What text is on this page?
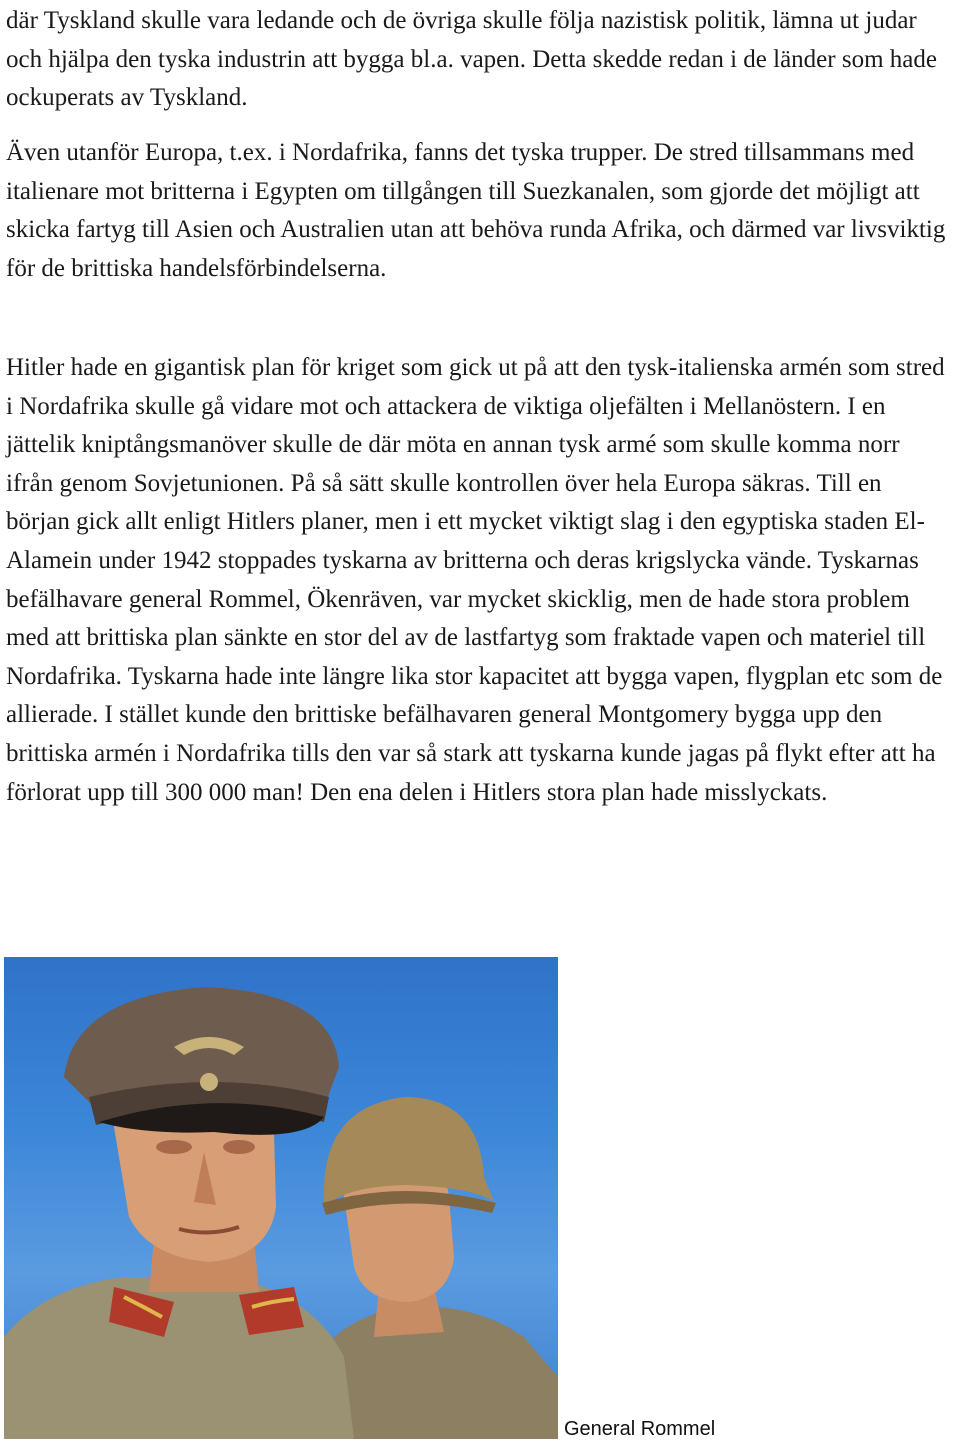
där Tyskland skulle vara ledande och de övriga skulle följa nazistisk politik, lämna ut judar och hjälpa den tyska industrin att bygga bl.a. vapen. Detta skedde redan i de länder som hade ockuperats av Tyskland.

Även utanför Europa, t.ex. i Nordafrika, fanns det tyska trupper. De stred tillsammans med italienare mot britterna i Egypten om tillgången till Suezkanalen, som gjorde det möjligt att skicka fartyg till Asien och Australien utan att behöva runda Afrika, och därmed var livsviktig för de brittiska handelsförbindelserna.

Hitler hade en gigantisk plan för kriget som gick ut på att den tysk-italienska armén som stred i Nordafrika skulle gå vidare mot och attackera de viktiga oljefälten i Mellanöstern. I en jättelik kniptångsmanöver skulle de där möta en annan tysk armé som skulle komma norr ifrån genom Sovjetunionen. På så sätt skulle kontrollen över hela Europa säkras. Till en början gick allt enligt Hitlers planer, men i ett mycket viktigt slag i den egyptiska staden El-Alamein under 1942 stoppades tyskarna av britterna och deras krigslycka vände. Tyskarnas befälhavare general Rommel, Ökenräven, var mycket skicklig, men de hade stora problem med att brittiska plan sänkte en stor del av de lastfartyg som fraktade vapen och materiel till Nordafrika. Tyskarna hade inte längre lika stor kapacitet att bygga vapen, flygplan etc som de allierade. I stället kunde den brittiske befälhavaren general Montgomery bygga upp den brittiska armén i Nordafrika tills den var så stark att tyskarna kunde jagas på flykt efter att ha förlorat upp till 300 000 man! Den ena delen i Hitlers stora plan hade misslyckats.

General Rommel
